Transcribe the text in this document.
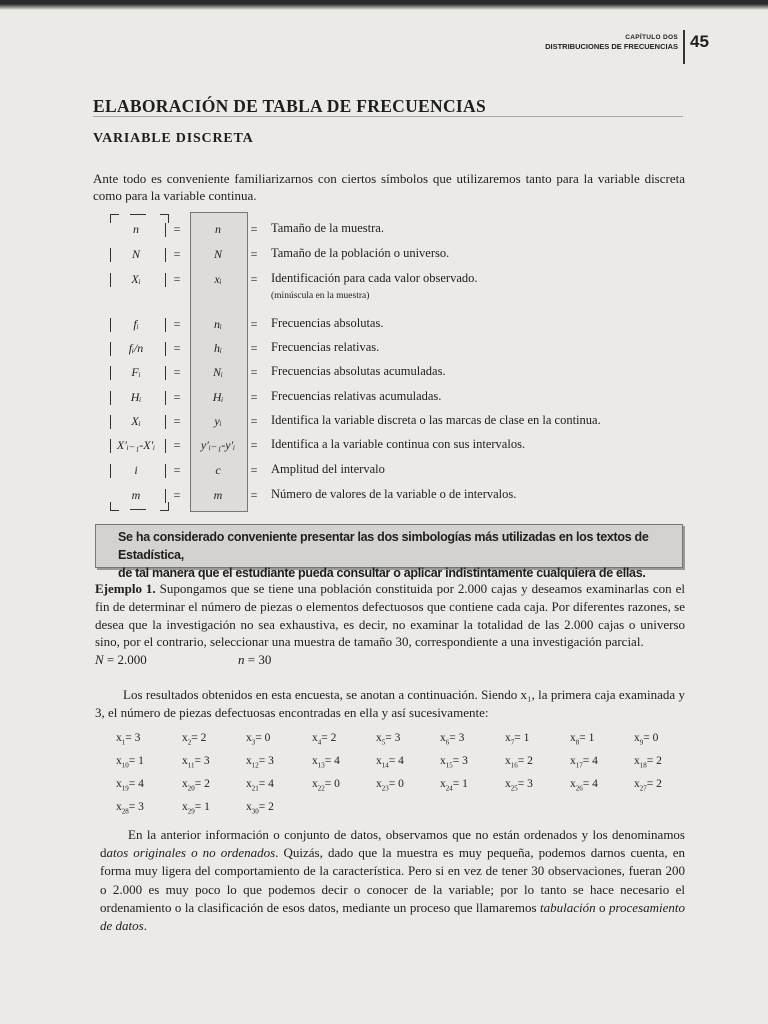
CAPÍTULO DOS
DISTRIBUCIONES DE FRECUENCIAS 45
ELABORACIÓN DE TABLA DE FRECUENCIAS
VARIABLE DISCRETA

Ante todo es conveniente familiarizarnos con ciertos símbolos que utilizaremos tanto para la variable discreta como para la variable continua.

n	=	n	= Tamaño de la muestra.
N	=	N	= Tamaño de la población o universo.
Xᵢ	=	xᵢ	= Identificación para cada valor observado.
(minúscula en la muestra)
fᵢ	=	nᵢ	= Frecuencias absolutas.
fᵢ/n	=	hᵢ	= Frecuencias relativas.
Fᵢ	=	Nᵢ	= Frecuencias absolutas acumuladas.
Hᵢ	=	Hᵢ	= Frecuencias relativas acumuladas.
Xᵢ	=	yᵢ	= Identifica la variable discreta o las marcas de clase en la continua.
X′ᵢ₋₁-X′ᵢ	=	y′ᵢ₋₁-y′ᵢ	= Identifica a la variable continua con sus intervalos.
i	=	c	= Amplitud del intervalo
m	=	m	= Número de valores de la variable o de intervalos.

Se ha considerado conveniente presentar las dos simbologías más utilizadas en los textos de Estadística,
de tal manera que el estudiante pueda consultar o aplicar indistintamente cualquiera de ellas.

Ejemplo 1. Supongamos que se tiene una población constituida por 2.000 cajas y deseamos examinarlas con el fin de determinar el número de piezas o elementos defectuosos que contiene cada caja. Por diferentes razones, se desea que la investigación no sea exhaustiva, es decir, no examinar la totalidad de las 2.000 cajas o universo sino, por el contrario, seleccionar una muestra de tamaño 30, correspondiente a una investigación parcial. N = 2.000	n = 30

Los resultados obtenidos en esta encuesta, se anotan a continuación. Siendo x₁, la primera caja examinada y 3, el número de piezas defectuosas encontradas en ella y así sucesivamente:

$x_1= 3$	$x_2= 2$	$x_3= 0$	$x_4= 2$	$x_5= 3$	$x_6= 3$	$x_7= 1$	$x_8= 1$	$x_9= 0$
$x_{10}= 1$	$x_{11}= 3$	$x_{12}= 3$	$x_{13}= 4$	$x_{14}= 4$	$x_{15}= 3$	$x_{16}= 2$	$x_{17}= 4$	$x_{18}= 2$
$x_{19}= 4$	$x_{20}= 2$	$x_{21}= 4$	$x_{22}= 0$	$x_{23}= 0$	$x_{24}= 1$	$x_{25}= 3$	$x_{26}= 4$	$x_{27}= 2$
$x_{28}= 3$	$x_{29}= 1$	$x_{30}= 2$

En la anterior información o conjunto de datos, observamos que no están ordenados y los denominamos datos originales o no ordenados. Quizás, dado que la muestra es muy pequeña, podemos darnos cuenta, en forma muy ligera del comportamiento de la característica. Pero si en vez de tener 30 observaciones, fueran 200 o 2.000 es muy poco lo que podemos decir o conocer de la variable; por lo tanto se hace necesario el ordenamiento o la clasificación de esos datos, mediante un proceso que llamaremos tabulación o procesamiento de datos.
